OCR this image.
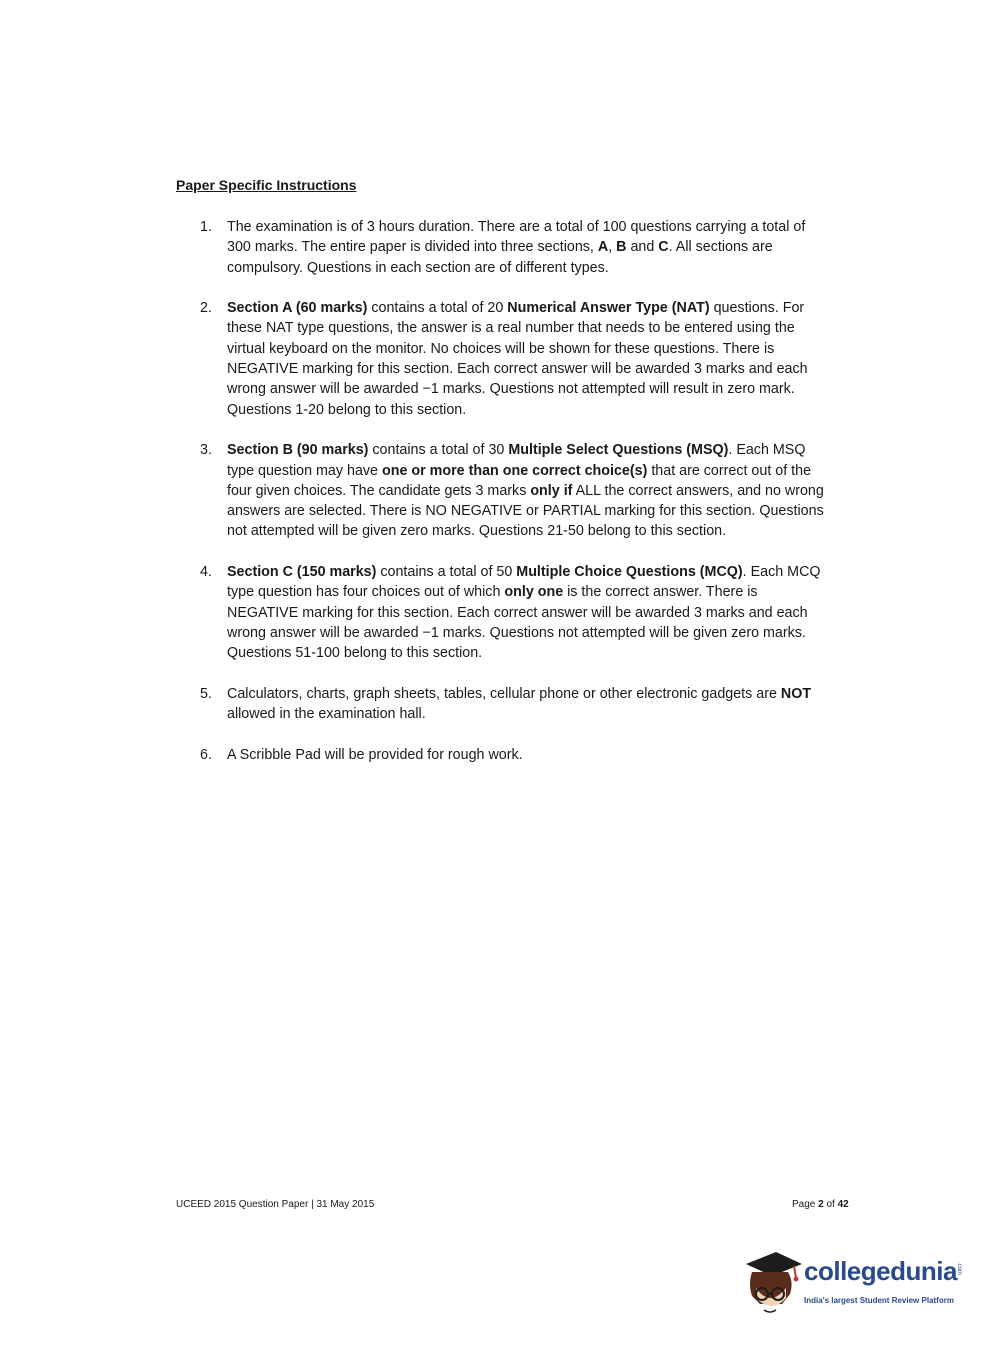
Paper Specific Instructions
1.	The examination is of 3 hours duration. There are a total of 100 questions carrying a total of 300 marks. The entire paper is divided into three sections, A, B and C. All sections are compulsory. Questions in each section are of different types.
2.	Section A (60 marks) contains a total of 20 Numerical Answer Type (NAT) questions. For these NAT type questions, the answer is a real number that needs to be entered using the virtual keyboard on the monitor. No choices will be shown for these questions. There is NEGATIVE marking for this section. Each correct answer will be awarded 3 marks and each wrong answer will be awarded −1 marks. Questions not attempted will result in zero mark. Questions 1-20 belong to this section.
3.	Section B (90 marks) contains a total of 30 Multiple Select Questions (MSQ). Each MSQ type question may have one or more than one correct choice(s) that are correct out of the four given choices. The candidate gets 3 marks only if ALL the correct answers, and no wrong answers are selected. There is NO NEGATIVE or PARTIAL marking for this section. Questions not attempted will be given zero marks. Questions 21-50 belong to this section.
4.	Section C (150 marks) contains a total of 50 Multiple Choice Questions (MCQ). Each MCQ type question has four choices out of which only one is the correct answer. There is NEGATIVE marking for this section. Each correct answer will be awarded 3 marks and each wrong answer will be awarded −1 marks. Questions not attempted will be given zero marks. Questions 51-100 belong to this section.
5.	Calculators, charts, graph sheets, tables, cellular phone or other electronic gadgets are NOT allowed in the examination hall.
6.	A Scribble Pad will be provided for rough work.
UCEED 2015 Question Paper | 31 May 2015	Page 2 of 42
collegedunia .com
India's largest Student Review Platform
